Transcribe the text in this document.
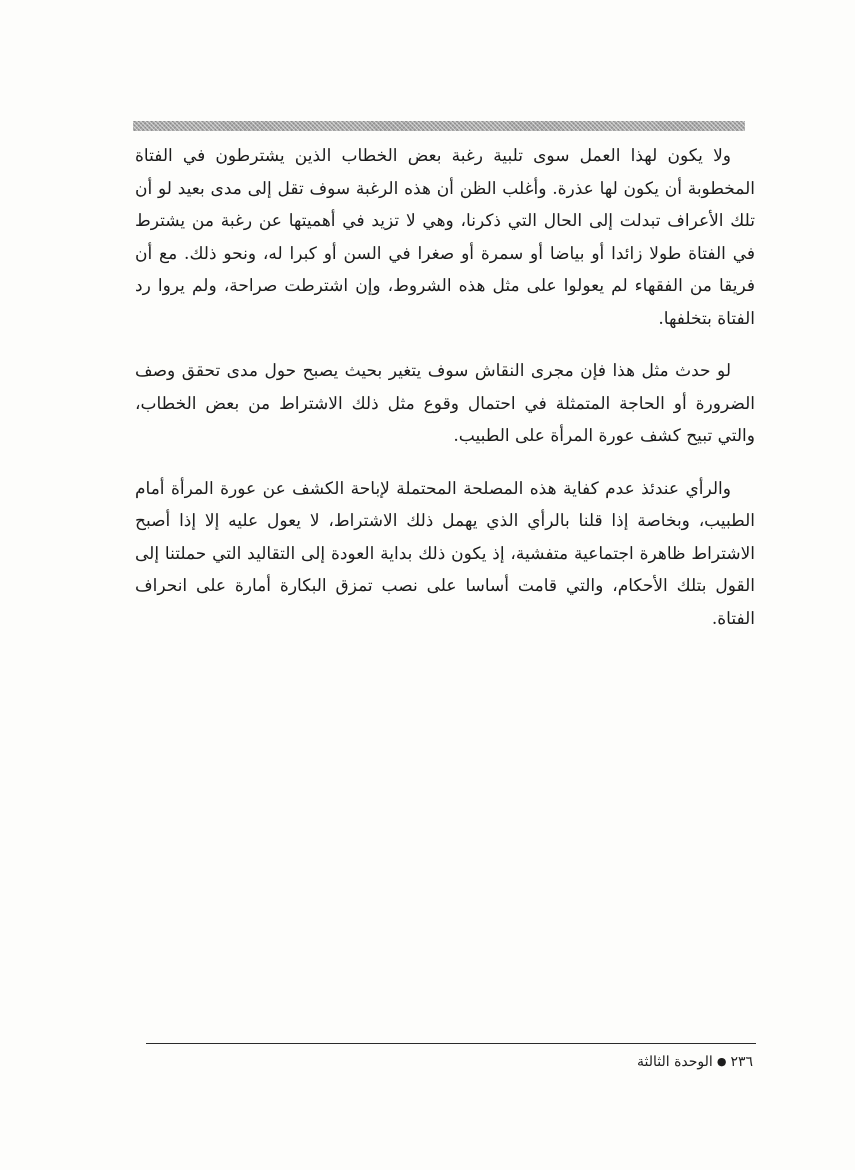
ولا يكون لهذا العمل سوى تلبية رغبة بعض الخطاب الذين يشترطون في الفتاة المخطوبة أن يكون لها عذرة. وأغلب الظن أن هذه الرغبة سوف تقل إلى مدى بعيد لو أن تلك الأعراف تبدلت إلى الحال التي ذكرنا، وهي لا تزيد في أهميتها عن رغبة من يشترط في الفتاة طولا زائدا أو بياضا أو سمرة أو صغرا في السن أو كبرا له، ونحو ذلك. مع أن فريقا من الفقهاء لم يعولوا على مثل هذه الشروط، وإن اشترطت صراحة، ولم يروا رد الفتاة بتخلفها.

لو حدث مثل هذا فإن مجرى النقاش سوف يتغير بحيث يصبح حول مدى تحقق وصف الضرورة أو الحاجة المتمثلة في احتمال وقوع مثل ذلك الاشتراط من بعض الخطاب، والتي تبيح كشف عورة المرأة على الطبيب.

والرأي عندئذ عدم كفاية هذه المصلحة المحتملة لإباحة الكشف عن عورة المرأة أمام الطبيب، وبخاصة إذا قلنا بالرأي الذي يهمل ذلك الاشتراط، لا يعول عليه إلا إذا أصبح الاشتراط ظاهرة اجتماعية متفشية، إذ يكون ذلك بداية العودة إلى التقاليد التي حملتنا إلى القول بتلك الأحكام، والتي قامت أساسا على نصب تمزق البكارة أمارة على انحراف الفتاة.

٢٣٦●الوحدة الثالثة
